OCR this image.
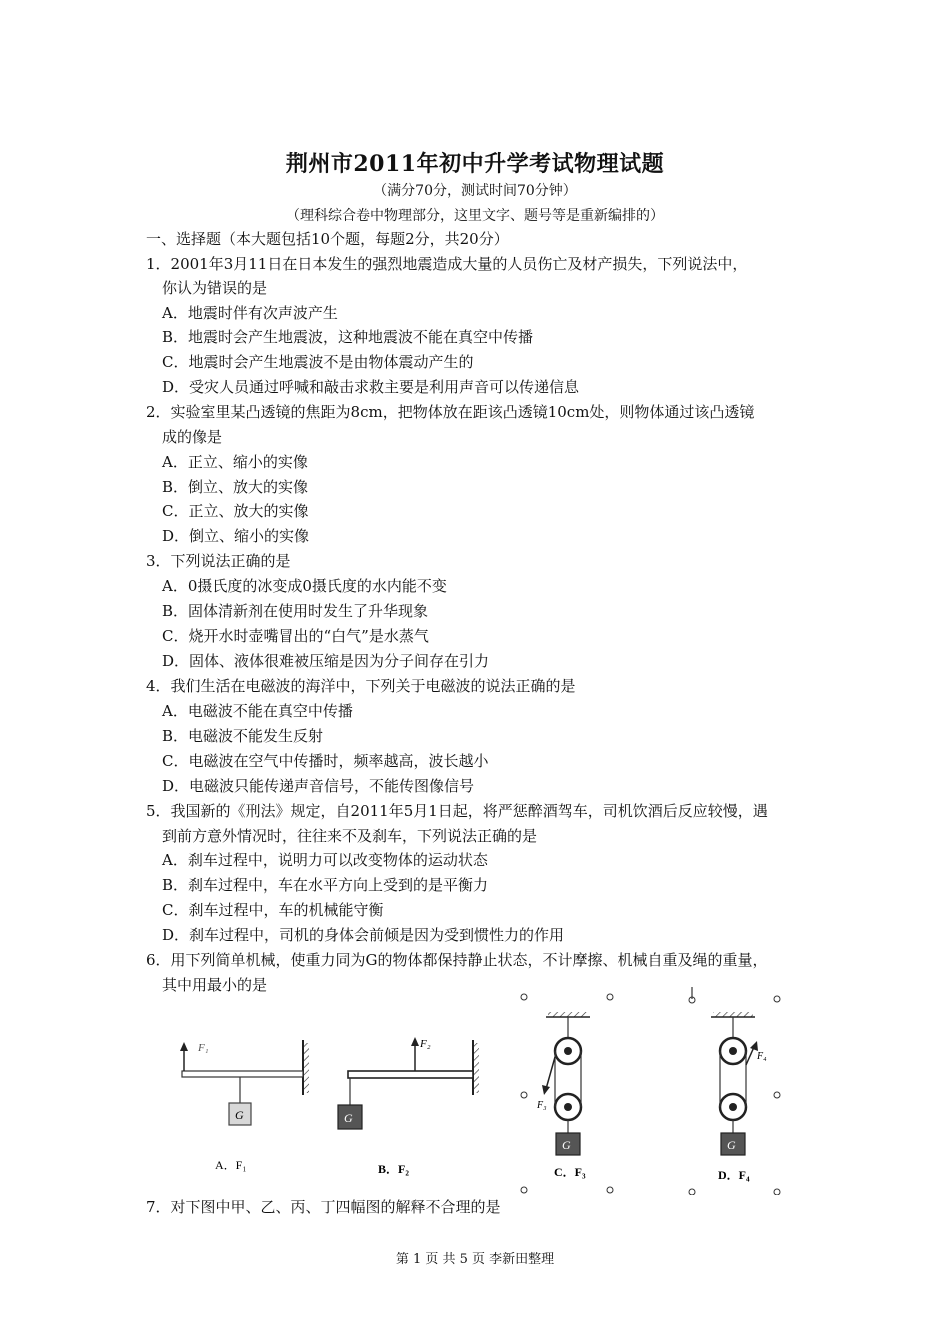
荆州市2011年初中升学考试物理试题
（满分70分，测试时间70分钟）
（理科综合卷中物理部分，这里文字、题号等是重新编排的）
一、选择题（本大题包括10个题，每题2分，共20分）
1．2001年3月11日在日本发生的强烈地震造成大量的人员伤亡及材产损失，下列说法中，
你认为错误的是
A．地震时伴有次声波产生
B．地震时会产生地震波，这种地震波不能在真空中传播
C．地震时会产生地震波不是由物体震动产生的
D．受灾人员通过呼喊和敲击求救主要是利用声音可以传递信息
2．实验室里某凸透镜的焦距为8cm，把物体放在距该凸透镜10cm处，则物体通过该凸透镜
成的像是
A．正立、缩小的实像
B．倒立、放大的实像
C．正立、放大的实像
D．倒立、缩小的实像
3．下列说法正确的是
A．0摄氏度的冰变成0摄氏度的水内能不变
B．固体清新剂在使用时发生了升华现象
C．烧开水时壶嘴冒出的“白气”是水蒸气
D．固体、液体很难被压缩是因为分子间存在引力
4．我们生活在电磁波的海洋中，下列关于电磁波的说法正确的是
A．电磁波不能在真空中传播
B．电磁波不能发生反射
C．电磁波在空气中传播时，频率越高，波长越小
D．电磁波只能传递声音信号，不能传图像信号
5．我国新的《刑法》规定，自2011年5月1日起，将严惩醉酒驾车，司机饮酒后反应较慢，遇
到前方意外情况时，往往来不及刹车，下列说法正确的是
A．刹车过程中，说明力可以改变物体的运动状态
B．刹车过程中，车在水平方向上受到的是平衡力
C．刹车过程中，车的机械能守衡
D．刹车过程中，司机的身体会前倾是因为受到惯性力的作用
6．用下列简单机械，使重力同为G的物体都保持静止状态，不计摩擦、机械自重及绳的重量，
其中用最小的是
F₁
G
A．F₁
F₂
G
B．F₂
F₃
G
C．F₃
F₄
G
D．F₄
7．对下图中甲、乙、丙、丁四幅图的解释不合理的是
第 1 页 共 5 页 李新田整理
